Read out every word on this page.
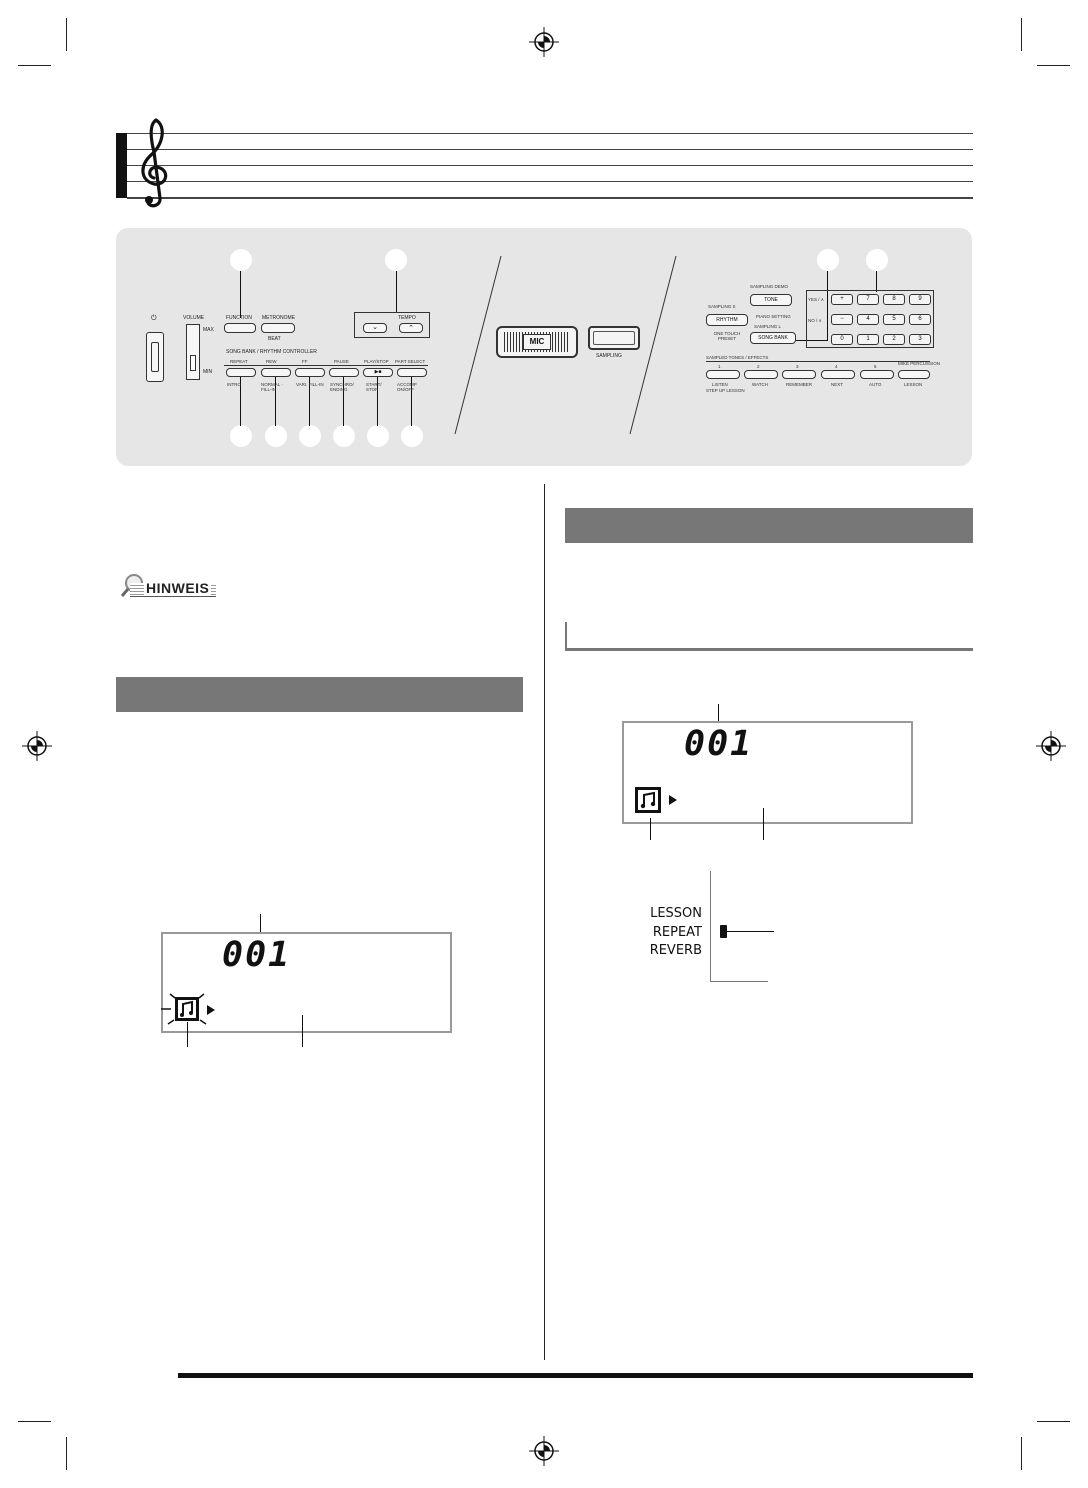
⏻	VOLUME
MAX
MIN
FUNCTION METRONOME
BEAT
TEMPO
⌄	⌃
SONG BANK / RHYTHM CONTROLLER
REPEAT
INTRO
REW
NORMAL · FILL-IN
FF
VARI. FILL-IN
PAUSE
SYNCHRO/ ENDING
PLAY/STOP
▶■
START/ STOP
PART SELECT
ACCOMP ON/OFF
MIC
SAMPLING
SAMPLING DEMO
TONE
SAMPLING S
RHYTHM
PIANO SETTING
ONE TOUCH PRESET
SAMPLING L
SONG BANK
YES / ∧
NO / ∨
+	7	8	9
−	4	5	6
0	1	2	3
SAMPLED TONES / EFFECTS
1	2	3	4	5
MIKE PERCUSSION
LISTEN	WATCH	REMEMBER	NEXT	AUTO	LESSON
STEP UP LESSON
HINWEIS
001
001
LESSON
REPEAT
REVERB
